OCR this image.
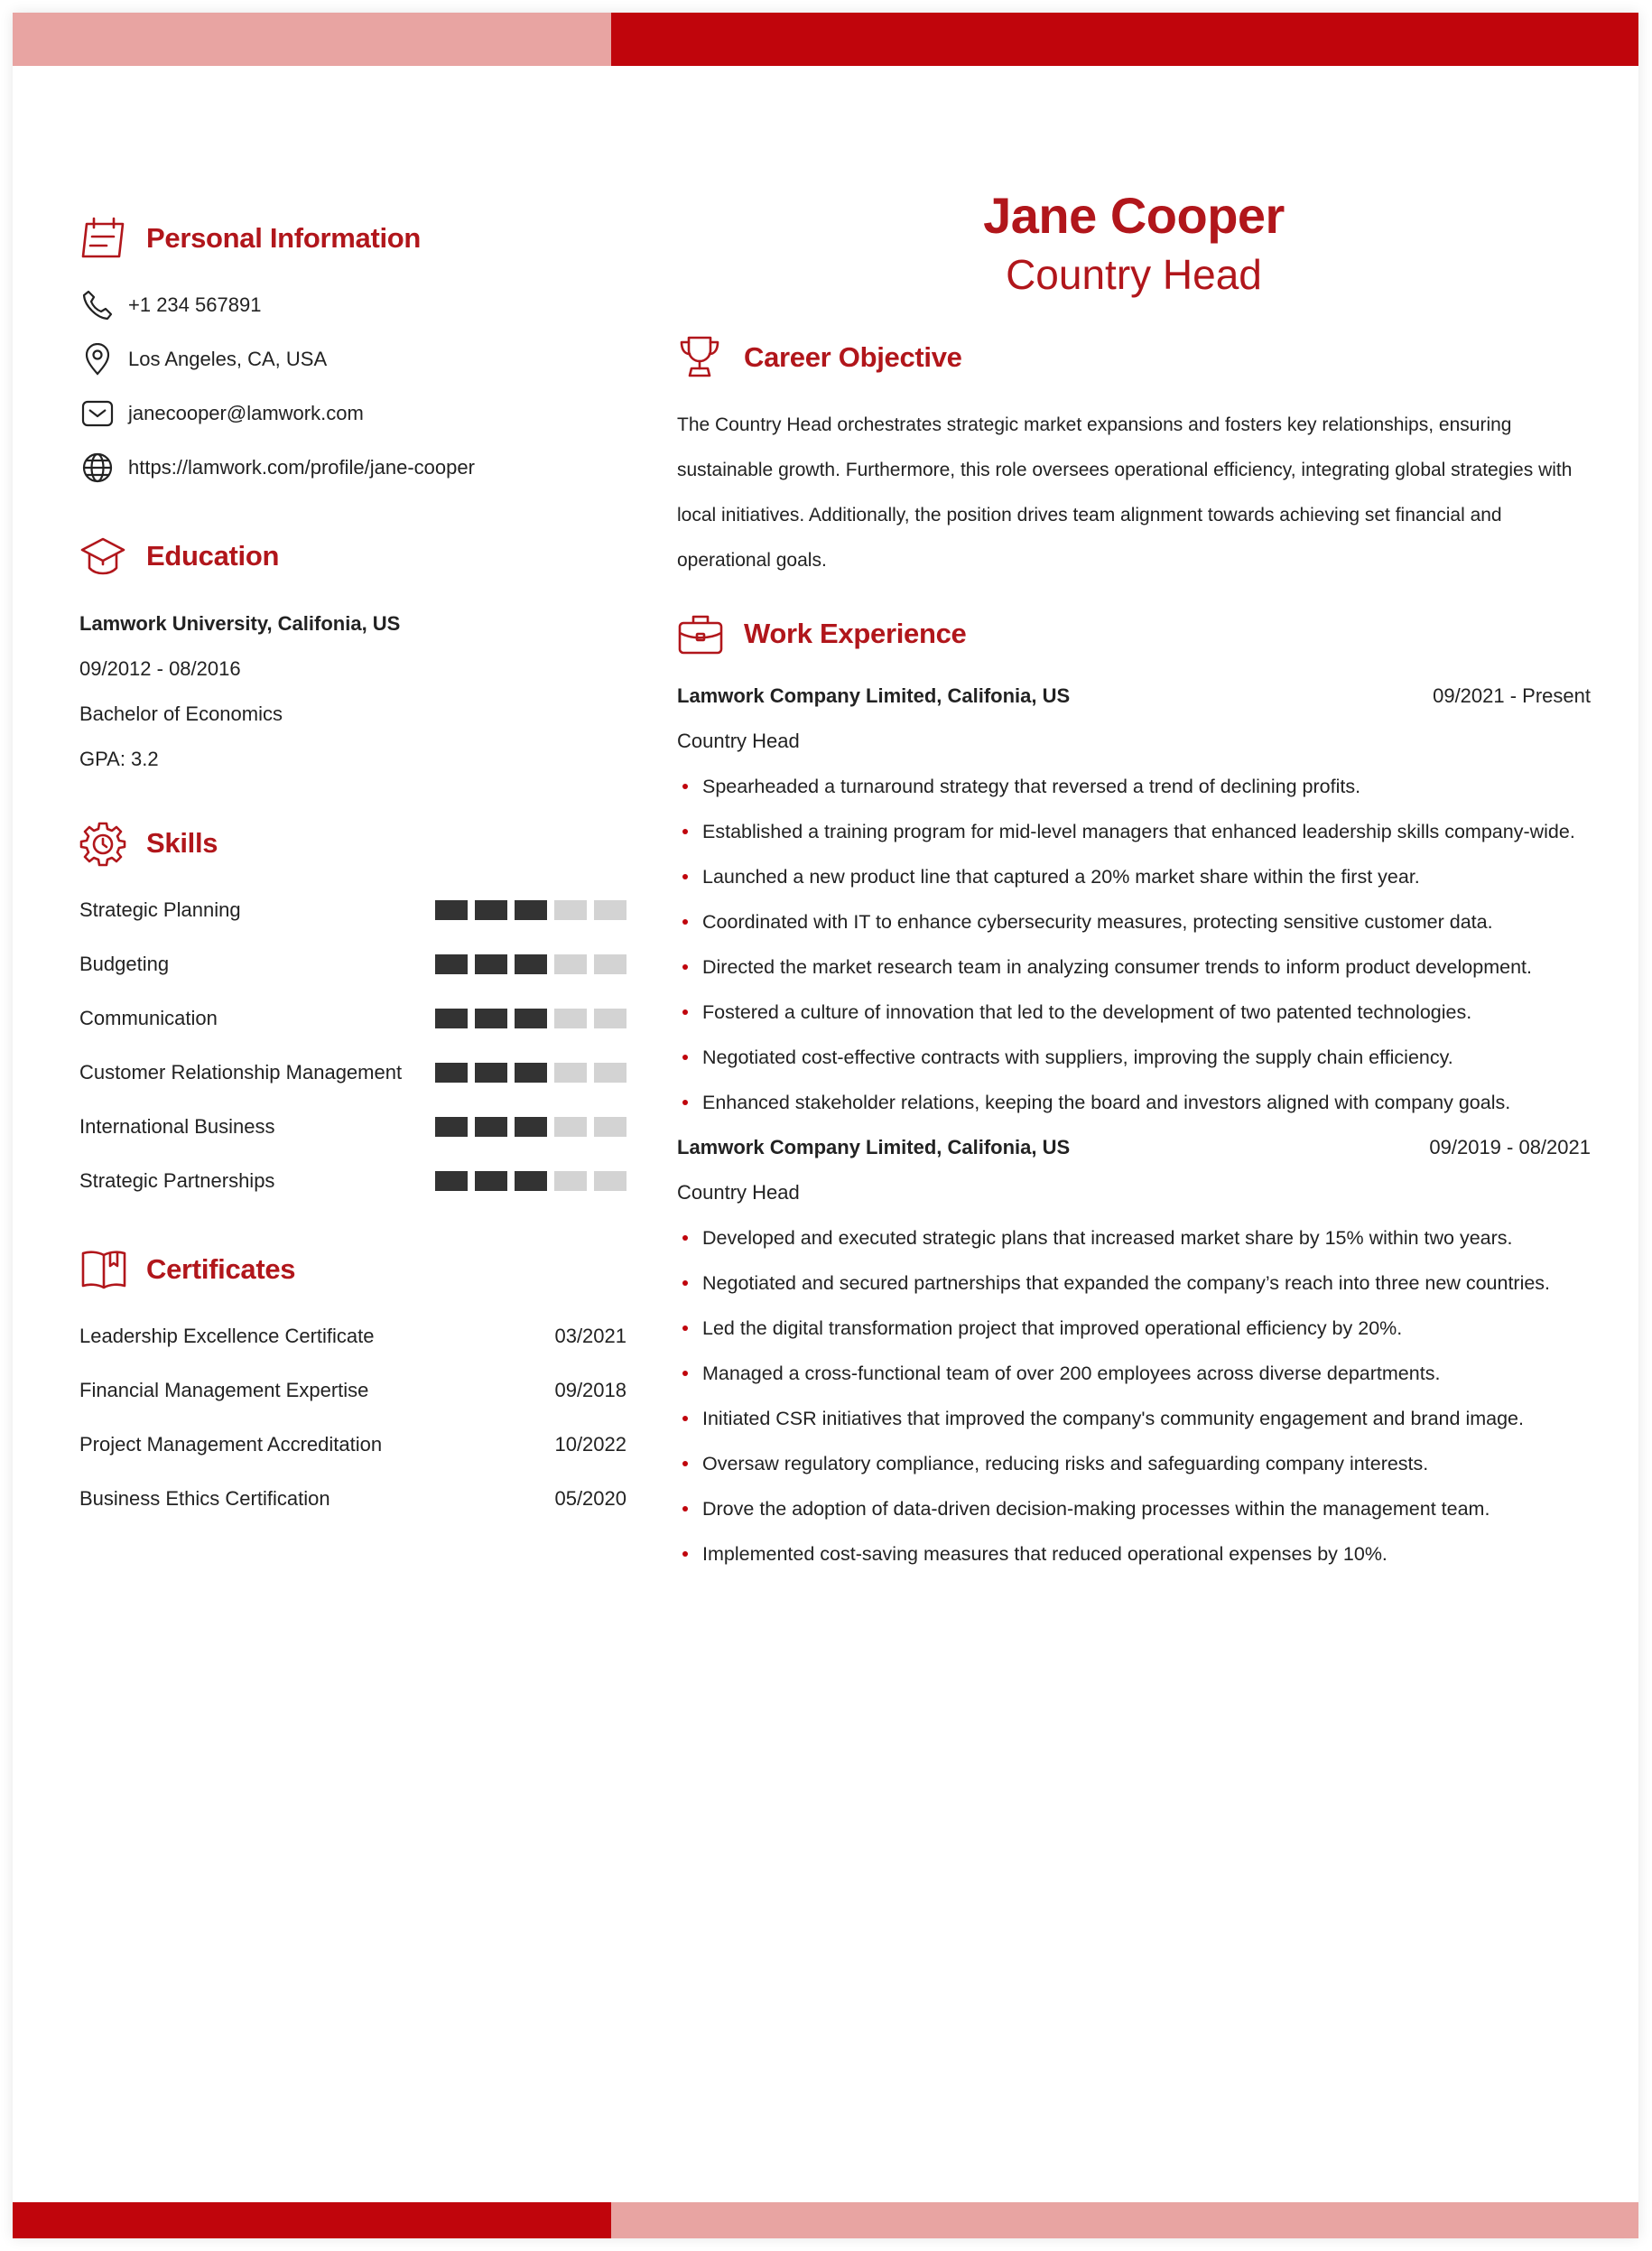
Personal Information
+1 234 567891
Los Angeles, CA, USA
janecooper@lamwork.com
https://lamwork.com/profile/jane-cooper
Education
Lamwork University, Califonia, US
09/2012 - 08/2016
Bachelor of Economics
GPA: 3.2
Skills
Strategic Planning
Budgeting
Communication
Customer Relationship Management
International Business
Strategic Partnerships
Certificates
Leadership Excellence Certificate	03/2021
Financial Management Expertise	09/2018
Project Management Accreditation	10/2022
Business Ethics Certification	05/2020
Jane Cooper
Country Head
Career Objective

The Country Head orchestrates strategic market expansions and fosters key relationships, ensuring sustainable growth. Furthermore, this role oversees operational efficiency, integrating global strategies with local initiatives. Additionally, the position drives team alignment towards achieving set financial and operational goals.

Work Experience
Lamwork Company Limited, Califonia, US	09/2021 - Present
Country Head
Spearheaded a turnaround strategy that reversed a trend of declining profits.
Established a training program for mid-level managers that enhanced leadership skills company-wide.
Launched a new product line that captured a 20% market share within the first year.
Coordinated with IT to enhance cybersecurity measures, protecting sensitive customer data.
Directed the market research team in analyzing consumer trends to inform product development.
Fostered a culture of innovation that led to the development of two patented technologies.
Negotiated cost-effective contracts with suppliers, improving the supply chain efficiency.
Enhanced stakeholder relations, keeping the board and investors aligned with company goals.
Lamwork Company Limited, Califonia, US	09/2019 - 08/2021
Country Head
Developed and executed strategic plans that increased market share by 15% within two years.
Negotiated and secured partnerships that expanded the company’s reach into three new countries.
Led the digital transformation project that improved operational efficiency by 20%.
Managed a cross-functional team of over 200 employees across diverse departments.
Initiated CSR initiatives that improved the company's community engagement and brand image.
Oversaw regulatory compliance, reducing risks and safeguarding company interests.
Drove the adoption of data-driven decision-making processes within the management team.
Implemented cost-saving measures that reduced operational expenses by 10%.
